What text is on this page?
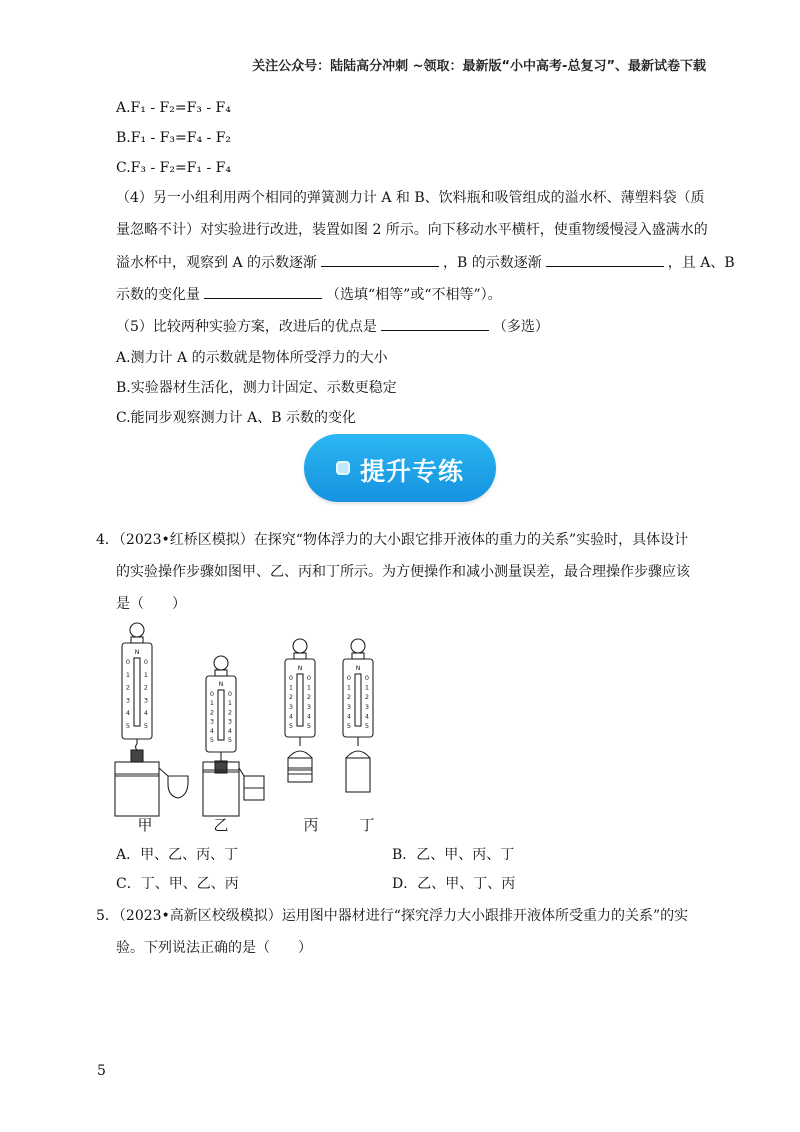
关注公众号：陆陆高分冲刺 ~领取：最新版“小中高考-总复习”、最新试卷下载
A.F₁ - F₂=F₃ - F₄
B.F₁ - F₃=F₄ - F₂
C.F₃ - F₂=F₁ - F₄
（4）另一小组利用两个相同的弹簧测力计 A 和 B、饮料瓶和吸管组成的溢水杯、薄塑料袋（质
量忽略不计）对实验进行改进，装置如图 2 所示。向下移动水平横杆，使重物缓慢浸入盛满水的
溢水杯中，观察到 A 的示数逐渐	，B 的示数逐渐	，且 A、B
示数的变化量	（选填“相等”或“不相等”）。
（5）比较两种实验方案，改进后的优点是	（多选）
A.测力计 A 的示数就是物体所受浮力的大小
B.实验器材生活化，测力计固定、示数更稳定
C.能同步观察测力计 A、B 示数的变化
提升专练
4．（2023•红桥区模拟）在探究“物体浮力的大小跟它排开液体的重力的关系”实验时，具体设计
的实验操作步骤如图甲、乙、丙和丁所示。为方便操作和减小测量误差，最合理操作步骤应该
是（　　）
N
0 0
1 1
2 2
3 3
4 4
5 5
N
0 0
1 1
2 2
3 3
4 4
5 5
N
0 0
1 1
2 2
3 3
4 4
5 5
N
0 0
1 1
2 2
3 3
4 4
5 5
甲	乙	丙	丁
A．甲、乙、丙、丁	B．乙、甲、丙、丁
C．丁、甲、乙、丙	D．乙、甲、丁、丙
5．（2023•高新区校级模拟）运用图中器材进行“探究浮力大小跟排开液体所受重力的关系”的实
验。下列说法正确的是（　　）
5
